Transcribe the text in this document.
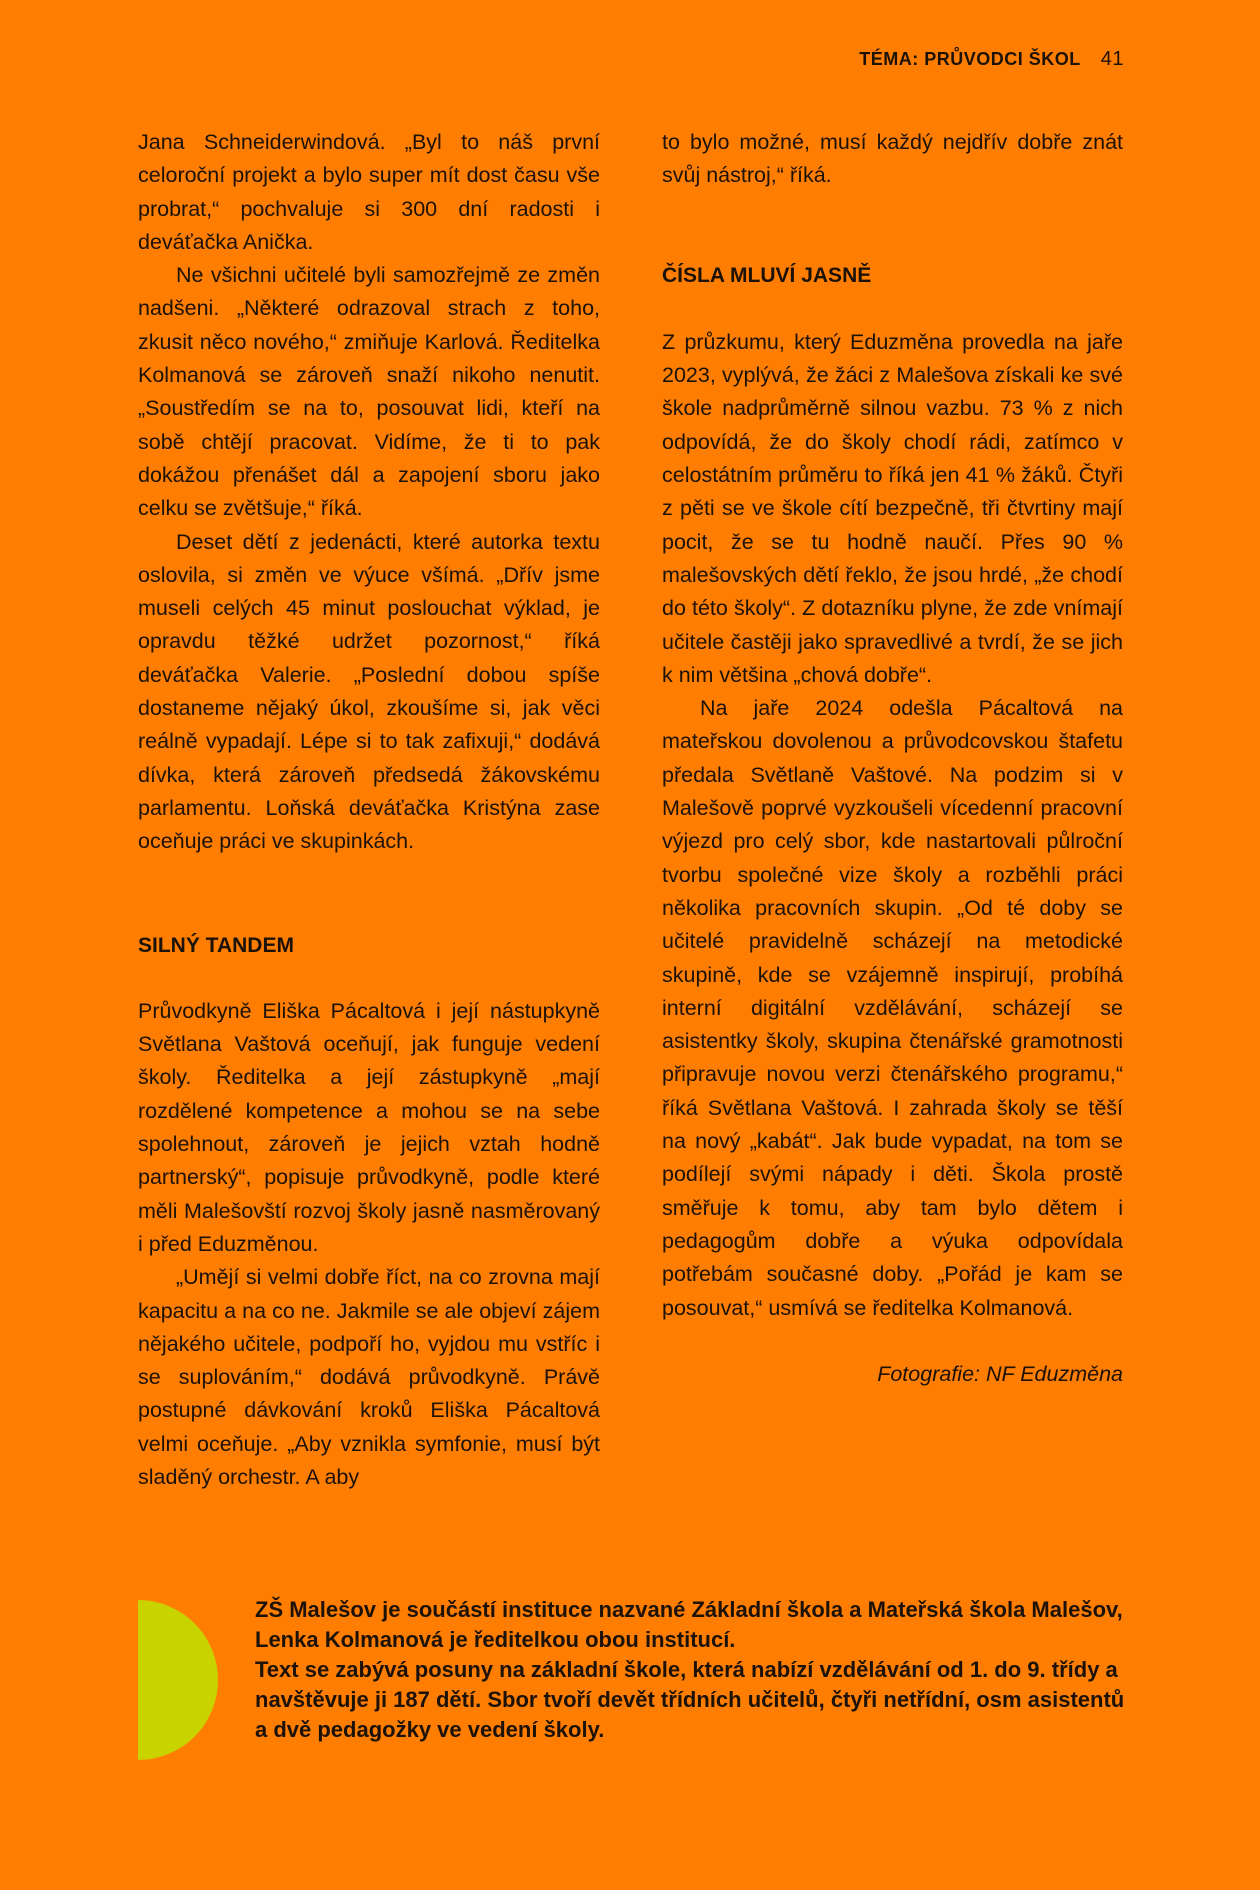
TÉMA: PRŮVODCI ŠKOL 41

Jana Schneiderwindová. „Byl to náš první celoroční projekt a bylo super mít dost času vše probrat,“ pochvaluje si 300 dní radosti i deváťačka Anička.

Ne všichni učitelé byli samozřejmě ze změn nadšeni. „Některé odrazoval strach z toho, zkusit něco nového,“ zmiňuje Karlová. Ředitelka Kolmanová se zároveň snaží nikoho nenutit. „Soustředím se na to, posouvat lidi, kteří na sobě chtějí pracovat. Vidíme, že ti to pak dokážou přenášet dál a zapojení sboru jako celku se zvětšuje,“ říká.

Deset dětí z jedenácti, které autorka textu oslovila, si změn ve výuce všímá. „Dřív jsme museli celých 45 minut poslouchat výklad, je opravdu těžké udržet pozornost,“ říká deváťačka Valerie. „Poslední dobou spíše dostaneme nějaký úkol, zkoušíme si, jak věci reálně vypadají. Lépe si to tak zafixuji,“ dodává dívka, která zároveň předsedá žákovskému parlamentu. Loňská deváťačka Kristýna zase oceňuje práci ve skupinkách.

SILNÝ TANDEM

Průvodkyně Eliška Pácaltová i její nástupkyně Světlana Vaštová oceňují, jak funguje vedení školy. Ředitelka a její zástupkyně „mají rozdělené kompetence a mohou se na sebe spolehnout, zároveň je jejich vztah hodně partnerský“, popisuje průvodkyně, podle které měli Malešovští rozvoj školy jasně nasměrovaný i před Eduzměnou.

„Umějí si velmi dobře říct, na co zrovna mají kapacitu a na co ne. Jakmile se ale objeví zájem nějakého učitele, podpoří ho, vyjdou mu vstříc i se suplováním,“ dodává průvodkyně. Právě postupné dávkování kroků Eliška Pácaltová velmi oceňuje. „Aby vznikla symfonie, musí být sladěný orchestr. A aby

to bylo možné, musí každý nejdřív dobře znát svůj nástroj,“ říká.

ČÍSLA MLUVÍ JASNĚ

Z průzkumu, který Eduzměna provedla na jaře 2023, vyplývá, že žáci z Malešova získali ke své škole nadprůměrně silnou vazbu. 73 % z nich odpovídá, že do školy chodí rádi, zatímco v celostátním průměru to říká jen 41 % žáků. Čtyři z pěti se ve škole cítí bezpečně, tři čtvrtiny mají pocit, že se tu hodně naučí. Přes 90 % malešovských dětí řeklo, že jsou hrdé, „že chodí do této školy“. Z dotazníku plyne, že zde vnímají učitele častěji jako spravedlivé a tvrdí, že se jich k nim většina „chová dobře“.

Na jaře 2024 odešla Pácaltová na mateřskou dovolenou a průvodcovskou štafetu předala Světlaně Vaštové. Na podzim si v Malešově poprvé vyzkoušeli vícedenní pracovní výjezd pro celý sbor, kde nastartovali půlroční tvorbu společné vize školy a rozběhli práci několika pracovních skupin. „Od té doby se učitelé pravidelně scházejí na metodické skupině, kde se vzájemně inspirují, probíhá interní digitální vzdělávání, scházejí se asistentky školy, skupina čtenářské gramotnosti připravuje novou verzi čtenářského programu,“ říká Světlana Vaštová. I zahrada školy se těší na nový „kabát“. Jak bude vypadat, na tom se podílejí svými nápady i děti. Škola prostě směřuje k tomu, aby tam bylo dětem i pedagogům dobře a výuka odpovídala potřebám současné doby. „Pořád je kam se posouvat,“ usmívá se ředitelka Kolmanová.

Fotografie: NF Eduzměna

ZŠ Malešov je součástí instituce nazvané Základní škola a Mateřská škola Malešov, Lenka Kolmanová je ředitelkou obou institucí.

Text se zabývá posuny na základní škole, která nabízí vzdělávání od 1. do 9. třídy a navštěvuje ji 187 dětí. Sbor tvoří devět třídních učitelů, čtyři netřídní, osm asistentů a dvě pedagožky ve vedení školy.
